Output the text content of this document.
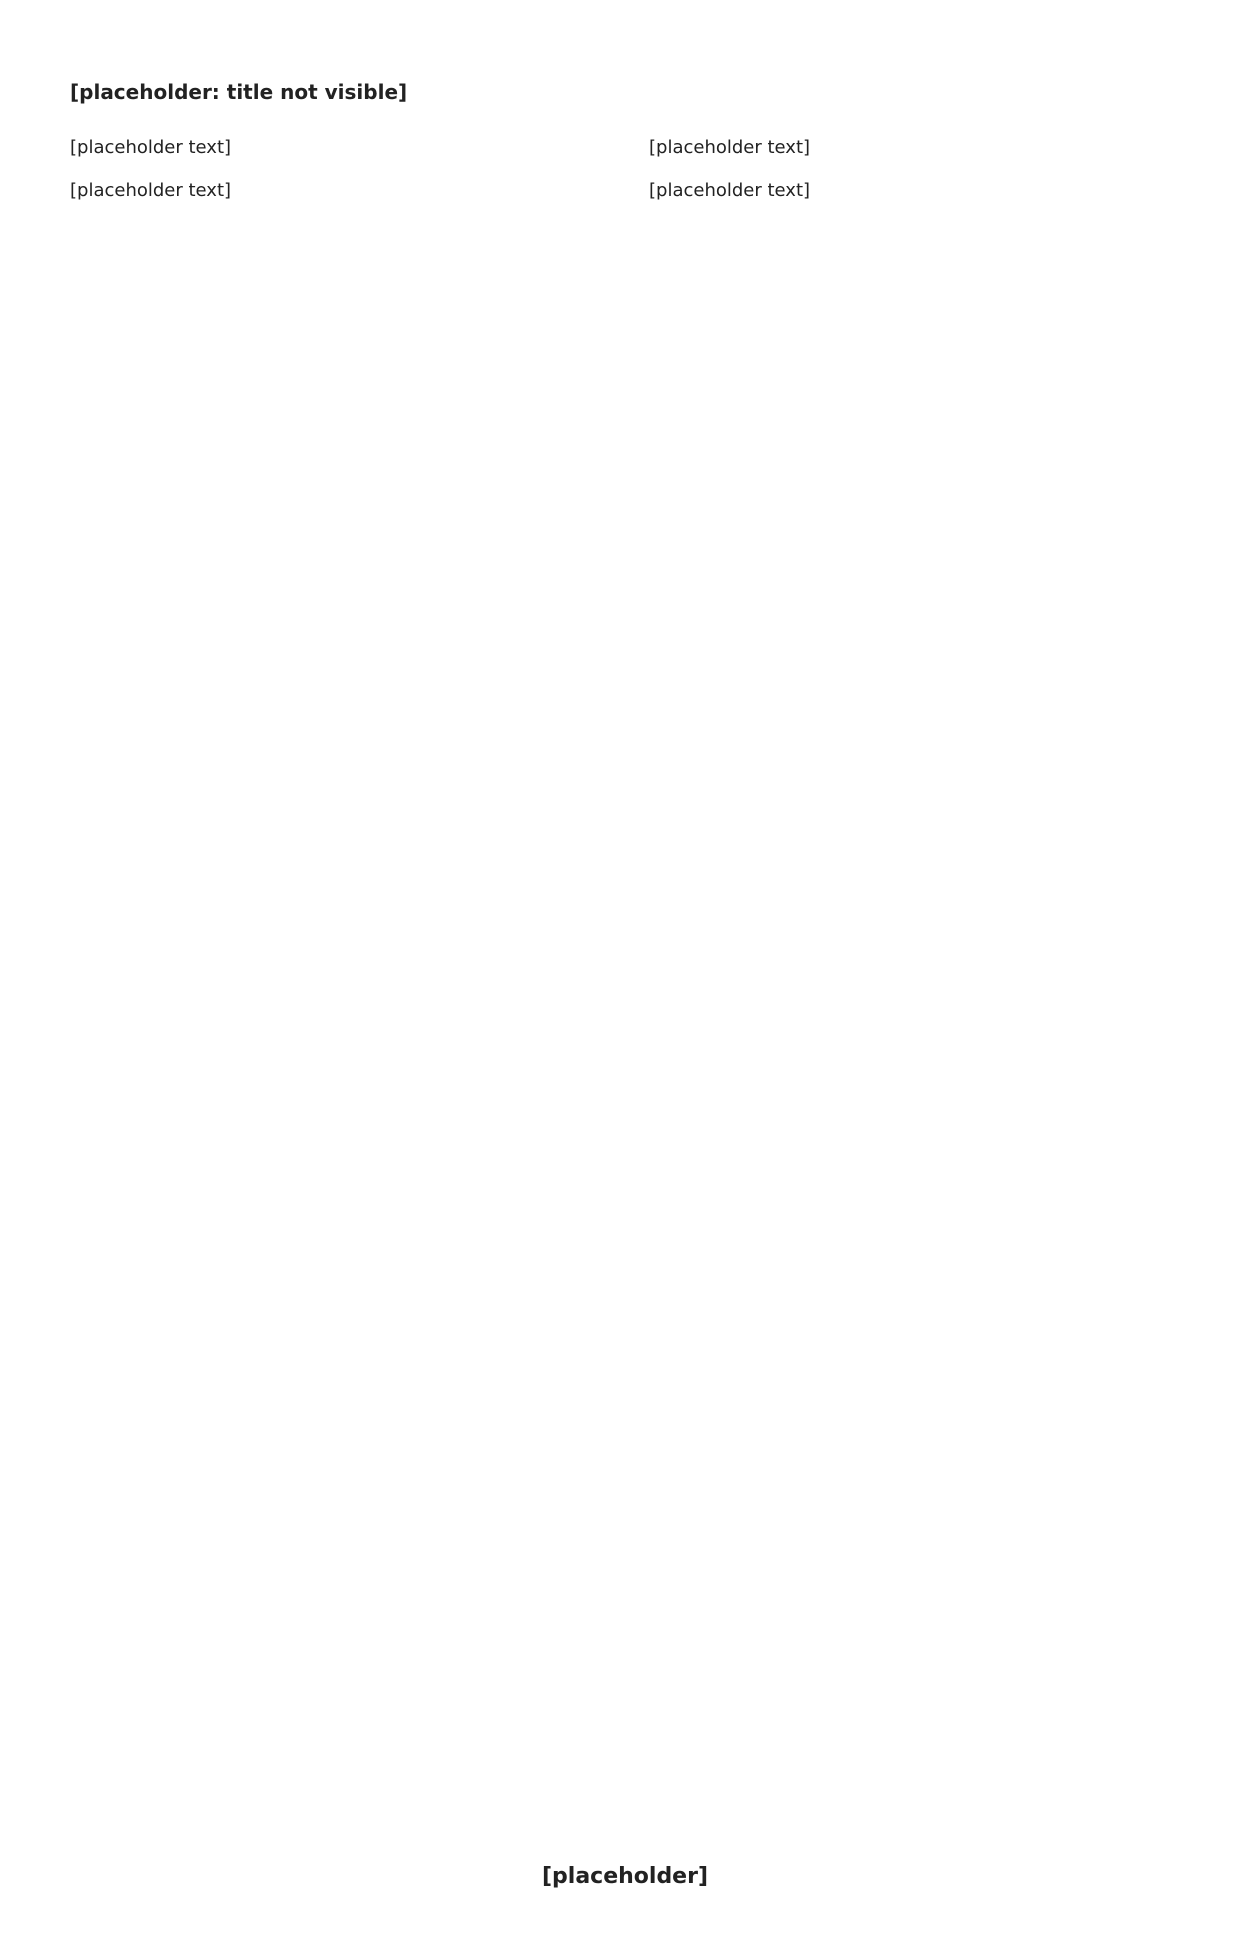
[placeholder: title not visible]

[placeholder text]

[placeholder text]

[placeholder text]

[placeholder text]

[placeholder]
